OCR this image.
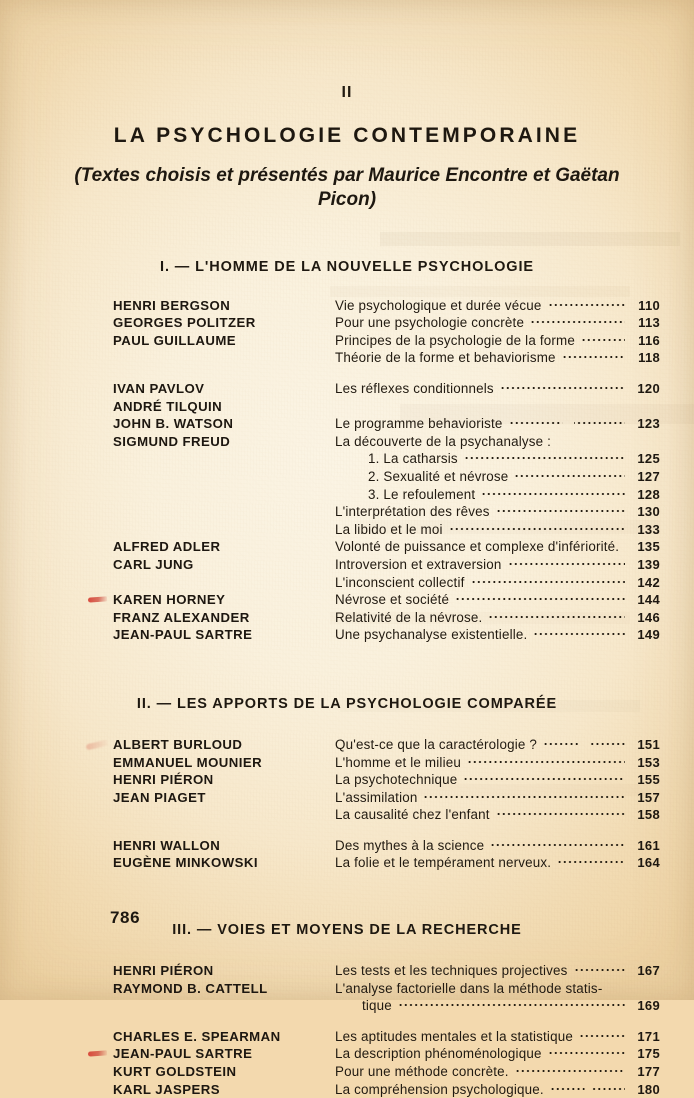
II
LA PSYCHOLOGIE CONTEMPORAINE
(Textes choisis et présentés par Maurice Encontre et Gaëtan Picon)
I. — L'HOMME DE LA NOUVELLE PSYCHOLOGIE
HENRI BERGSON	Vie psychologique et durée vécue	110
GEORGES POLITZER	Pour une psychologie concrète	113
PAUL GUILLAUME	Principes de la psychologie de la forme	116
Théorie de la forme et behaviorisme	118
IVAN PAVLOV	Les réflexes conditionnels	120
ANDRÉ TILQUIN
JOHN B. WATSON	Le programme behavioriste	123
SIGMUND FREUD	La découverte de la psychanalyse :
1. La catharsis	125
2. Sexualité et névrose	127
3. Le refoulement	128
L'interprétation des rêves	130
La libido et le moi	133
ALFRED ADLER	Volonté de puissance et complexe d'infériorité.	135
CARL JUNG	Introversion et extraversion	139
L'inconscient collectif	142
KAREN HORNEY	Névrose et société	144
FRANZ ALEXANDER	Relativité de la névrose.	146
JEAN-PAUL SARTRE	Une psychanalyse existentielle.	149
II. — LES APPORTS DE LA PSYCHOLOGIE COMPARÉE
ALBERT BURLOUD	Qu'est-ce que la caractérologie ?	151
EMMANUEL MOUNIER	L'homme et le milieu	153
HENRI PIÉRON	La psychotechnique	155
JEAN PIAGET	L'assimilation	157
La causalité chez l'enfant	158
HENRI WALLON	Des mythes à la science	161
EUGÈNE MINKOWSKI	La folie et le tempérament nerveux.	164
III. — VOIES ET MOYENS DE LA RECHERCHE
HENRI PIÉRON	Les tests et les techniques projectives	167
RAYMOND B. CATTELL	L'analyse factorielle dans la méthode statis-
tique	169
CHARLES E. SPEARMAN	Les aptitudes mentales et la statistique	171
JEAN-PAUL SARTRE	La description phénoménologique	175
KURT GOLDSTEIN	Pour une méthode concrète.	177
KARL JASPERS	La compréhension psychologique.	180
786
